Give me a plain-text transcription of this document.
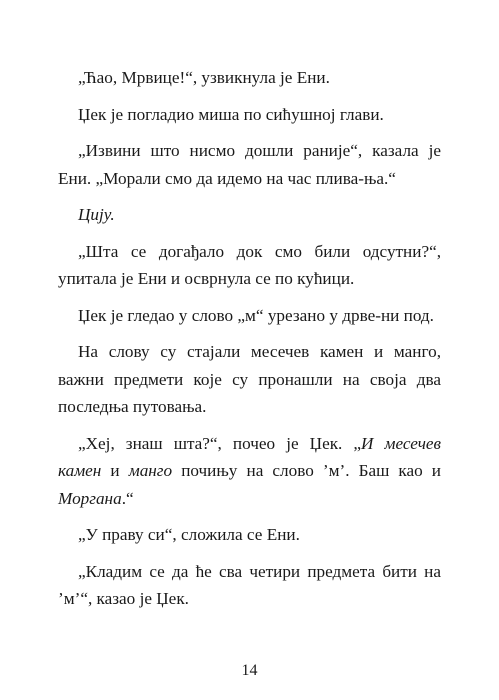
„Ћао, Мрвице!“, узвикнула је Ени.

Џек је погладио миша по сићушној глави.

„Извини што нисмо дошли раније“, казала је Ени. „Морали смо да идемо на час плива-ња.“

Цију.

„Шта се догађало док смо били одсутни?“, упитала је Ени и осврнула се по кућици.

Џек је гледао у слово „м“ урезано у дрве-ни под.

На слову су стајали месечев камен и манго, важни предмети које су пронашли на своја два последња путовања.

„Хеј, знаш шта?“, почео је Џек. „И месечев камен и манго почињу на слово ’м’. Баш као и Моргана.“

„У праву си“, сложила се Ени.

„Кладим се да ће сва четири предмета бити на ’м’“, казао је Џек.

14
